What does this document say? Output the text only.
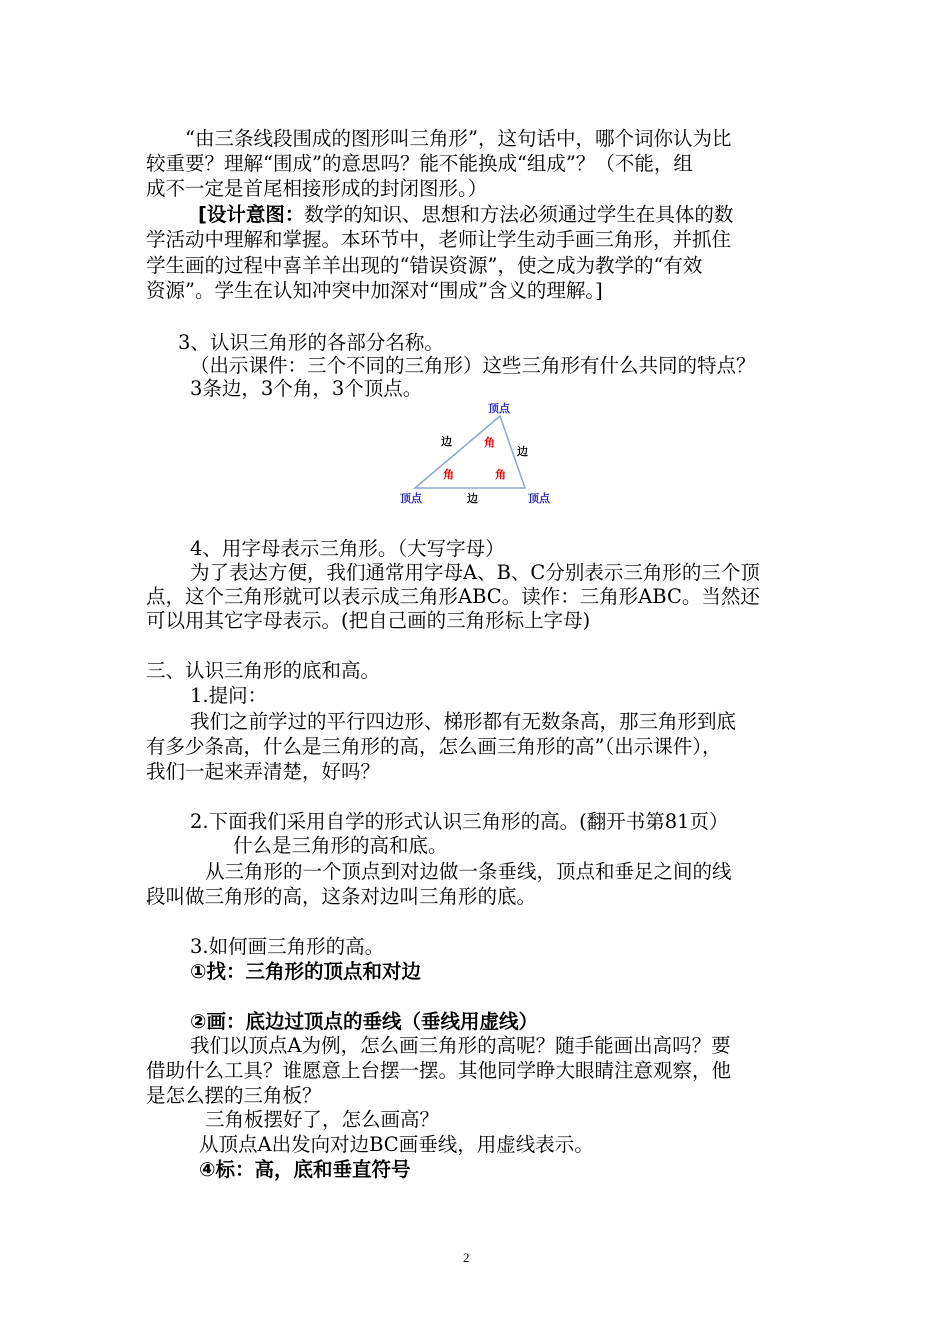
“由三条线段围成的图形叫三角形”，这句话中，哪个词你认为比
较重要？理解“围成”的意思吗？能不能换成“组成”？（不能，组
成不一定是首尾相接形成的封闭图形。）
[设计意图：数学的知识、思想和方法必须通过学生在具体的数
学活动中理解和掌握。本环节中，老师让学生动手画三角形，并抓住
学生画的过程中喜羊羊出现的“错误资源”，使之成为教学的“有效
资源”。学生在认知冲突中加深对“围成”含义的理解。]
3、认识三角形的各部分名称。
（出示课件：三个不同的三角形）这些三角形有什么共同的特点？
3条边，3个角，3个顶点。
顶点
顶点	顶点
边
边
边
角
角	角
4、用字母表示三角形。（大写字母）
为了表达方便，我们通常用字母A、B、C分别表示三角形的三个顶
点，这个三角形就可以表示成三角形ABC。读作：三角形ABC。当然还
可以用其它字母表示。(把自己画的三角形标上字母)
三、认识三角形的底和高。
1.提问：
我们之前学过的平行四边形、梯形都有无数条高，那三角形到底
有多少条高，什么是三角形的高，怎么画三角形的高”（出示课件），
我们一起来弄清楚，好吗？
2.下面我们采用自学的形式认识三角形的高。(翻开书第81页）
什么是三角形的高和底。
从三角形的一个顶点到对边做一条垂线，顶点和垂足之间的线
段叫做三角形的高，这条对边叫三角形的底。
3.如何画三角形的高。
①找：三角形的顶点和对边
②画：底边过顶点的垂线（垂线用虚线）
我们以顶点A为例，怎么画三角形的高呢？随手能画出高吗？要
借助什么工具？谁愿意上台摆一摆。其他同学睁大眼睛注意观察，他
是怎么摆的三角板？
三角板摆好了，怎么画高？
从顶点A出发向对边BC画垂线，用虚线表示。
④标：高，底和垂直符号
2
